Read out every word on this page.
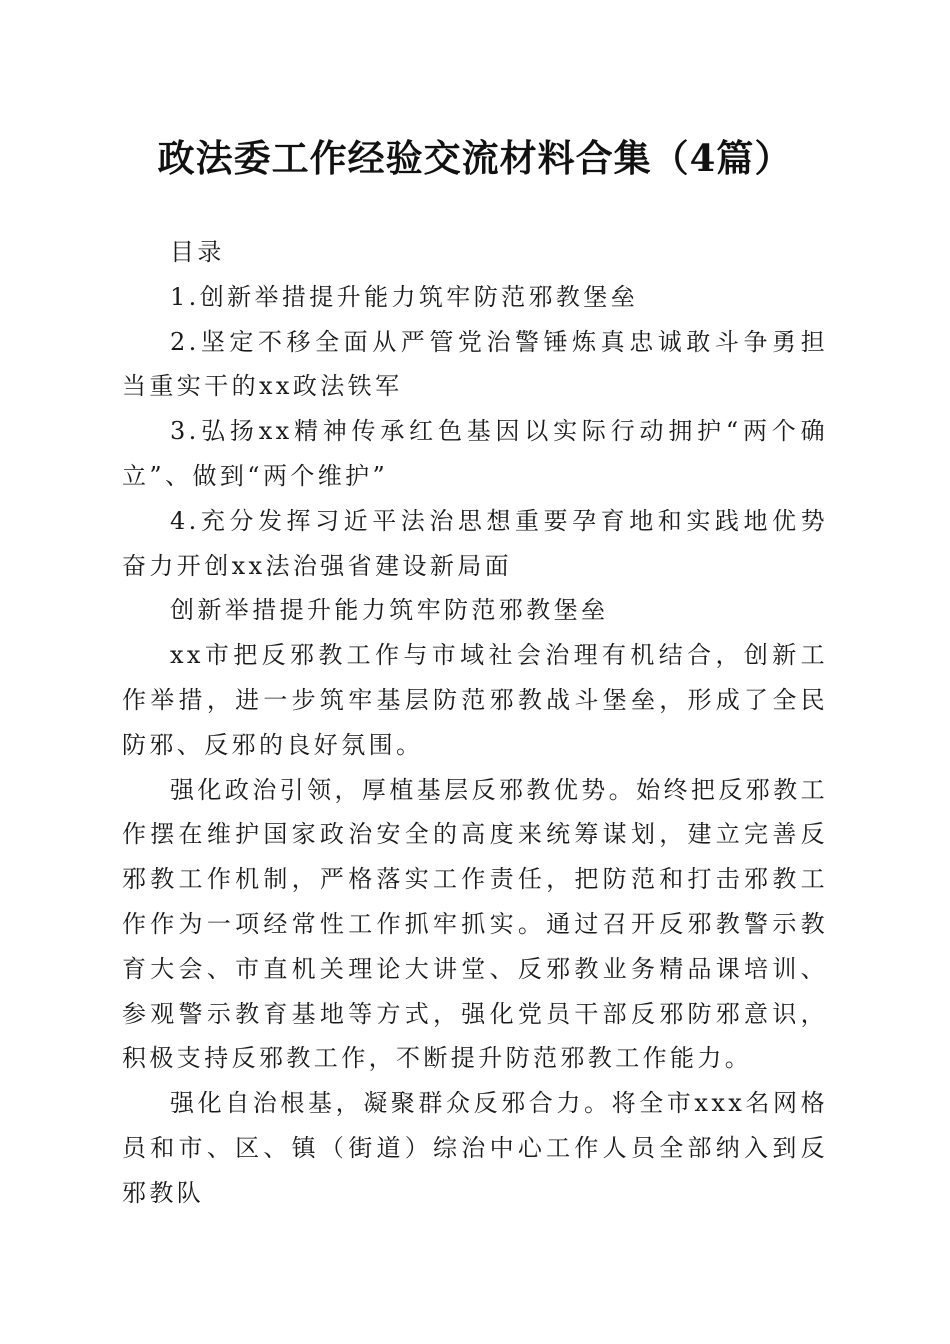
政法委工作经验交流材料合集（4篇）

目录

1.创新举措提升能力筑牢防范邪教堡垒

2.坚定不移全面从严管党治警锤炼真忠诚敢斗争勇担当重实干的xx政法铁军

3.弘扬xx精神传承红色基因以实际行动拥护“两个确立”、做到“两个维护”

4.充分发挥习近平法治思想重要孕育地和实践地优势奋力开创xx法治强省建设新局面

创新举措提升能力筑牢防范邪教堡垒

xx市把反邪教工作与市域社会治理有机结合，创新工作举措，进一步筑牢基层防范邪教战斗堡垒，形成了全民防邪、反邪的良好氛围。

强化政治引领，厚植基层反邪教优势。始终把反邪教工作摆在维护国家政治安全的高度来统筹谋划，建立完善反邪教工作机制，严格落实工作责任，把防范和打击邪教工作作为一项经常性工作抓牢抓实。通过召开反邪教警示教育大会、市直机关理论大讲堂、反邪教业务精品课培训、参观警示教育基地等方式，强化党员干部反邪防邪意识，积极支持反邪教工作，不断提升防范邪教工作能力。

强化自治根基，凝聚群众反邪合力。将全市xxx名网格员和市、区、镇（街道）综治中心工作人员全部纳入到反邪教队
